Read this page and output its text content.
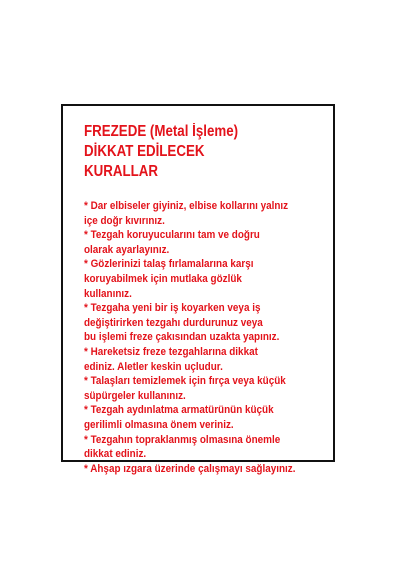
FREZEDE (Metal İşleme)
DİKKAT EDİLECEK
KURALLAR
* Dar elbiseler giyiniz, elbise kollarını yalnız
içe doğr kıvırınız.
* Tezgah koruyucularını tam ve doğru
olarak ayarlayınız.
* Gözlerinizi talaş fırlamalarına karşı
koruyabilmek için mutlaka gözlük
kullanınız.
* Tezgaha yeni bir iş koyarken veya iş
değiştirirken tezgahı durdurunuz veya
bu işlemi freze çakısından uzakta yapınız.
* Hareketsiz freze tezgahlarına dikkat
ediniz. Aletler keskin uçludur.
* Talaşları temizlemek için fırça veya küçük
süpürgeler kullanınız.
* Tezgah aydınlatma armatürünün küçük
gerilimli olmasına önem veriniz.
* Tezgahın topraklanmış olmasına önemle
dikkat ediniz.
* Ahşap ızgara üzerinde çalışmayı sağlayınız.
